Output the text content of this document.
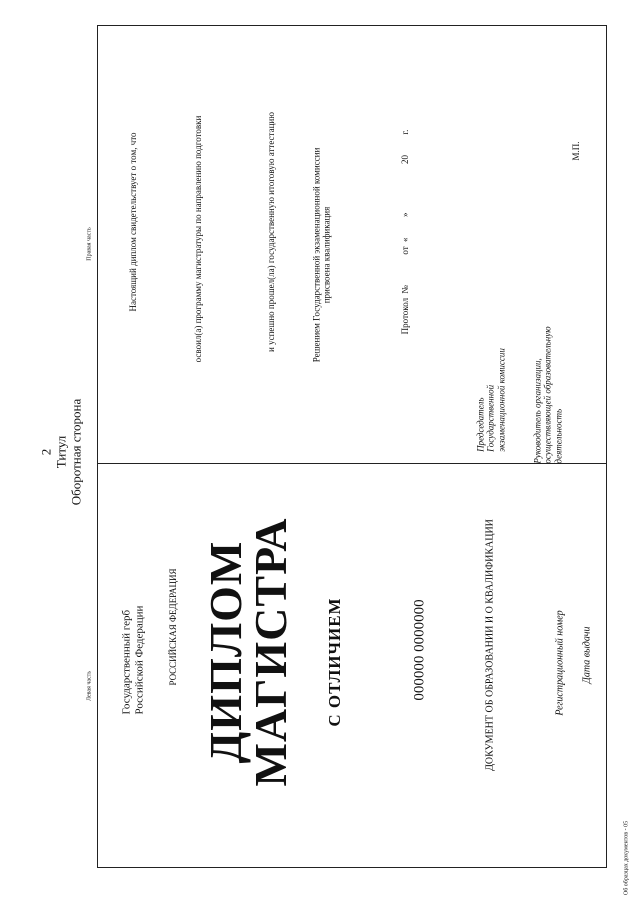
2 Титул Оборотная сторона
Левая часть
Правая часть
Государственный герб Российской Федерации	РОССИЙСКАЯ ФЕДЕРАЦИЯ ДИПЛОМ
МАГИСТРА С ОТЛИЧИЕМ	000000 0000000	ДОКУМЕНТ ОБ ОБРАЗОВАНИИ И О КВАЛИФИКАЦИИ	Регистрационный номер Дата выдачи
Настоящий диплом свидетельствует о том, что	освоил(а) программу магистратуры по направлению подготовки	и успешно прошел(ла) государственную итоговую аттестацию	Решением Государственной экзаменационной комиссии присвоена квалификация
Протокол №  от «  »  20  г.
Председатель Государственной экзаменационной комиссии	Руководитель организации, осуществляющей образовательную деятельность
М.П.
Об образцах документов - 05
